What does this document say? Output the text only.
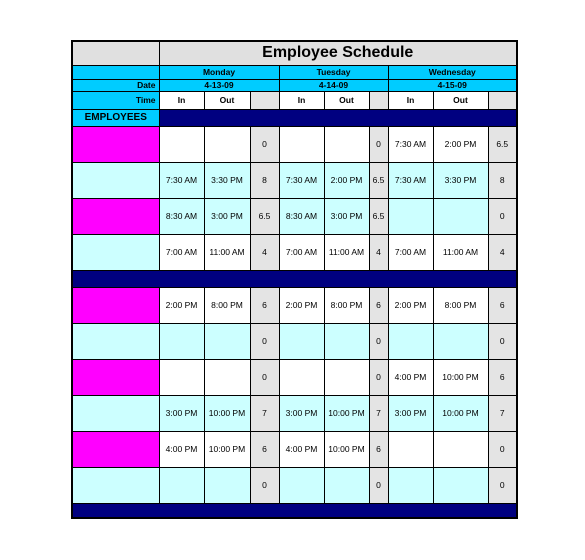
	Employee Schedule								
	Monday			Tuesday			Wednesday		
Date	4-13-09			4-14-09			4-15-09		
Time	In	Out		In	Out		In	Out	
EMPLOYEES									
			0			0	7:30 AM	2:00 PM	6.5
	7:30 AM	3:30 PM	8	7:30 AM	2:00 PM	6.5	7:30 AM	3:30 PM	8
	8:30 AM	3:00 PM	6.5	8:30 AM	3:00 PM	6.5			0
	7:00 AM	11:00 AM	4	7:00 AM	11:00 AM	4	7:00 AM	11:00 AM	4

	2:00 PM	8:00 PM	6	2:00 PM	8:00 PM	6	2:00 PM	8:00 PM	6
			0			0			0
			0			0	4:00 PM	10:00 PM	6
	3:00 PM	10:00 PM	7	3:00 PM	10:00 PM	7	3:00 PM	10:00 PM	7
	4:00 PM	10:00 PM	6	4:00 PM	10:00 PM	6			0
			0			0			0
